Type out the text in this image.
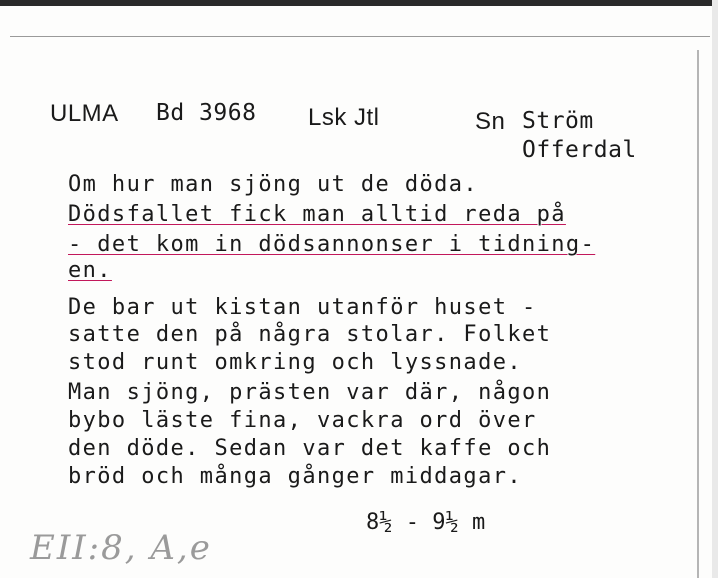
ULMA Bd 3968 Lsk Jtl	Sn Ström
Offerdal
Om hur man sjöng ut de döda.
Dödsfallet fick man alltid reda på
- det kom in dödsannonser i tidning-
en.
De bar ut kistan utanför huset -
satte den på några stolar. Folket
stod runt omkring och lyssnade.
Man sjöng, prästen var där, någon
bybo läste fina, vackra ord över
den döde. Sedan var det kaffe och
bröd och många gånger middagar.
8½ - 9½ m
EII:8, A,e
